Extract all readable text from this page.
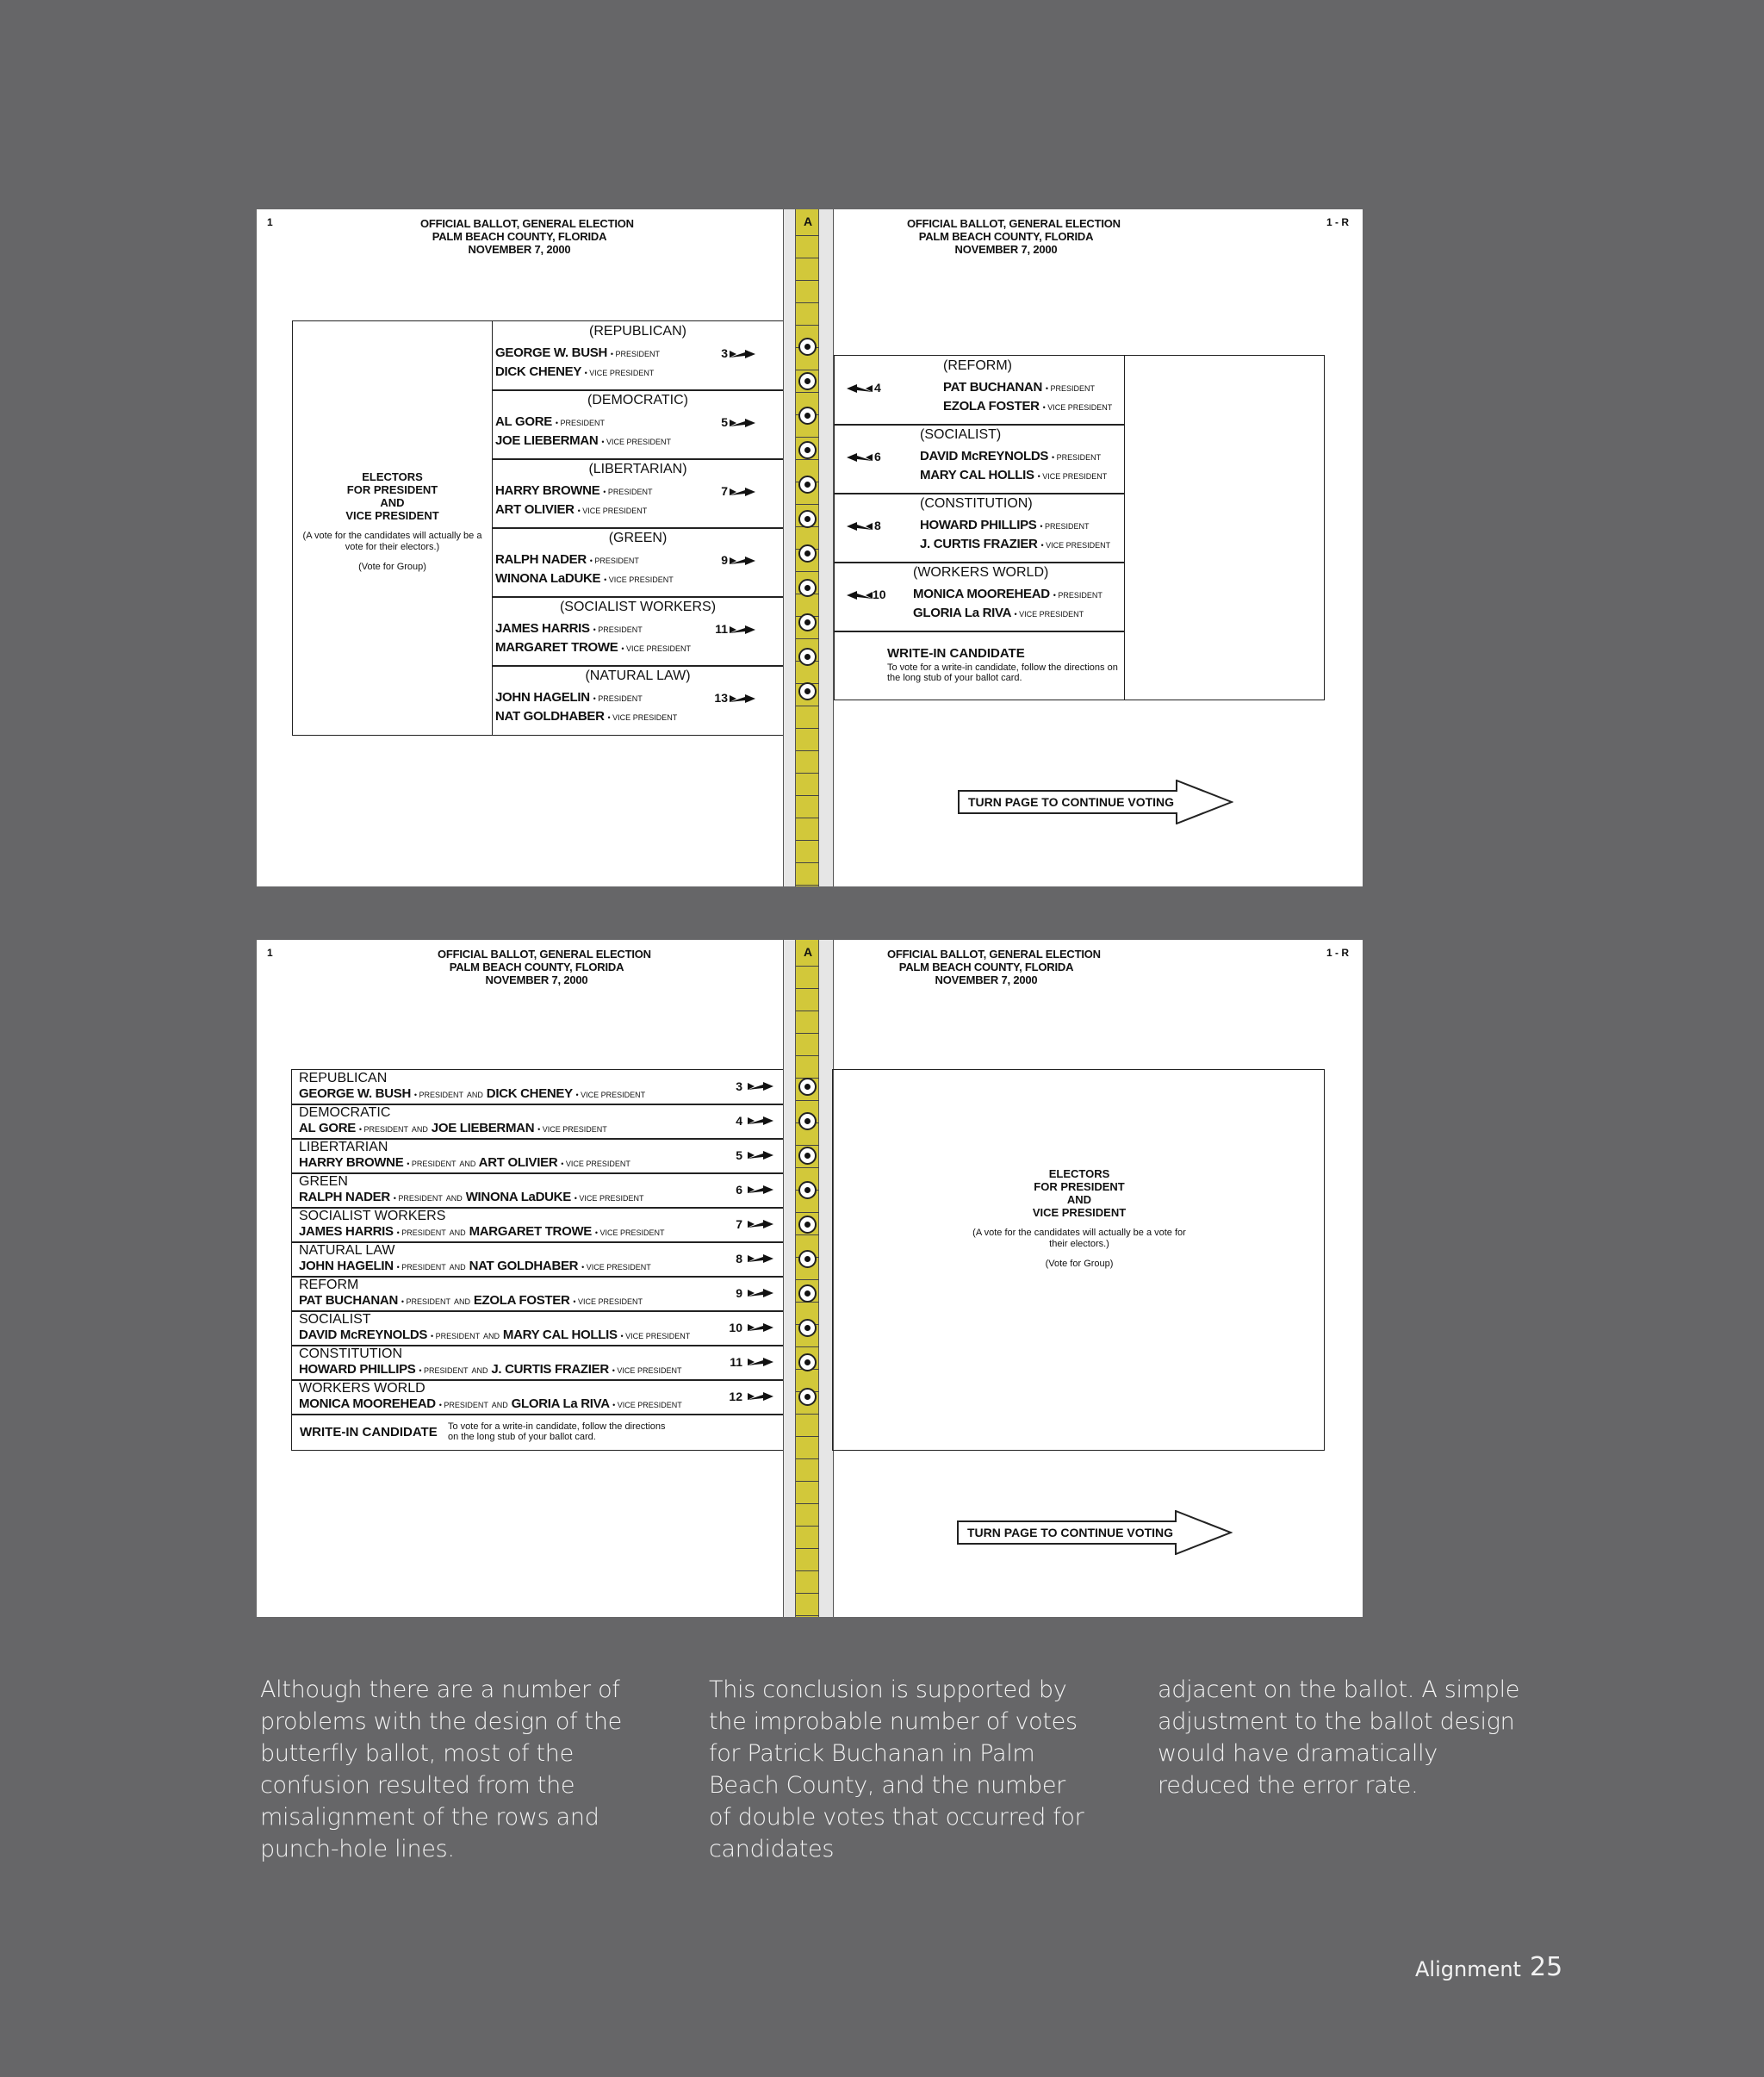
1	OFFICIAL BALLOT, GENERAL ELECTION
PALM BEACH COUNTY, FLORIDA
NOVEMBER 7, 2000
ELECTORS
FOR PRESIDENT
AND
VICE PRESIDENT
(A vote for the candidates will actually be a vote for their electors.)
(Vote for Group)
(REPUBLICAN)
GEORGE W. BUSH • PRESIDENT
DICK CHENEY • VICE PRESIDENT
3
(DEMOCRATIC)
AL GORE • PRESIDENT
JOE LIEBERMAN • VICE PRESIDENT
5
(LIBERTARIAN)
HARRY BROWNE • PRESIDENT
ART OLIVIER • VICE PRESIDENT
7
(GREEN)
RALPH NADER • PRESIDENT
WINONA LaDUKE • VICE PRESIDENT
9
(SOCIALIST WORKERS)
JAMES HARRIS • PRESIDENT
MARGARET TROWE • VICE PRESIDENT
11
(NATURAL LAW)
JOHN HAGELIN • PRESIDENT
NAT GOLDHABER • VICE PRESIDENT
13
A	1 - R
OFFICIAL BALLOT, GENERAL ELECTION
PALM BEACH COUNTY, FLORIDA
NOVEMBER 7, 2000
(REFORM)
4	PAT BUCHANAN • PRESIDENT
EZOLA FOSTER • VICE PRESIDENT
(SOCIALIST)
6	DAVID McREYNOLDS • PRESIDENT
MARY CAL HOLLIS • VICE PRESIDENT
(CONSTITUTION)
8	HOWARD PHILLIPS • PRESIDENT
J. CURTIS FRAZIER • VICE PRESIDENT
(WORKERS WORLD)
10 MONICA MOOREHEAD • PRESIDENT
GLORIA La RIVA • VICE PRESIDENT
WRITE-IN CANDIDATE
To vote for a write-in candidate, follow the directions on the long stub of your ballot card.
TURN PAGE TO CONTINUE VOTING
1	OFFICIAL BALLOT, GENERAL ELECTION
PALM BEACH COUNTY, FLORIDA
NOVEMBER 7, 2000
REPUBLICAN
GEORGE W. BUSH • PRESIDENT AND DICK CHENEY • VICE PRESIDENT
3
DEMOCRATIC
AL GORE • PRESIDENT AND JOE LIEBERMAN • VICE PRESIDENT
4
LIBERTARIAN
HARRY BROWNE • PRESIDENT AND ART OLIVIER • VICE PRESIDENT
5
GREEN
RALPH NADER • PRESIDENT AND WINONA LaDUKE • VICE PRESIDENT
6
SOCIALIST WORKERS
JAMES HARRIS • PRESIDENT AND MARGARET TROWE • VICE PRESIDENT
7
NATURAL LAW
JOHN HAGELIN • PRESIDENT AND NAT GOLDHABER • VICE PRESIDENT
8
REFORM
PAT BUCHANAN • PRESIDENT AND EZOLA FOSTER • VICE PRESIDENT
9
SOCIALIST
DAVID McREYNOLDS • PRESIDENT AND MARY CAL HOLLIS • VICE PRESIDENT
10
CONSTITUTION
HOWARD PHILLIPS • PRESIDENT AND J. CURTIS FRAZIER • VICE PRESIDENT
11
WORKERS WORLD
MONICA MOOREHEAD • PRESIDENT AND GLORIA La RIVA • VICE PRESIDENT
12
WRITE-IN CANDIDATE To vote for a write-in candidate, follow the directions
on the long stub of your ballot card.
A	1 - R
OFFICIAL BALLOT, GENERAL ELECTION
PALM BEACH COUNTY, FLORIDA
NOVEMBER 7, 2000
ELECTORS
FOR PRESIDENT
AND
VICE PRESIDENT
(A vote for the candidates will actually be a vote for their electors.)
(Vote for Group)
TURN PAGE TO CONTINUE VOTING
Although there are a number of problems with the design of the butterfly ballot, most of the confusion resulted from the misalignment of the rows and punch-hole lines.
This conclusion is supported by the improbable number of votes for Patrick Buchanan in Palm Beach County, and the number of double votes that occurred for candidates
adjacent on the ballot. A simple adjustment to the ballot design would have dramatically reduced the error rate.
Alignment 25
